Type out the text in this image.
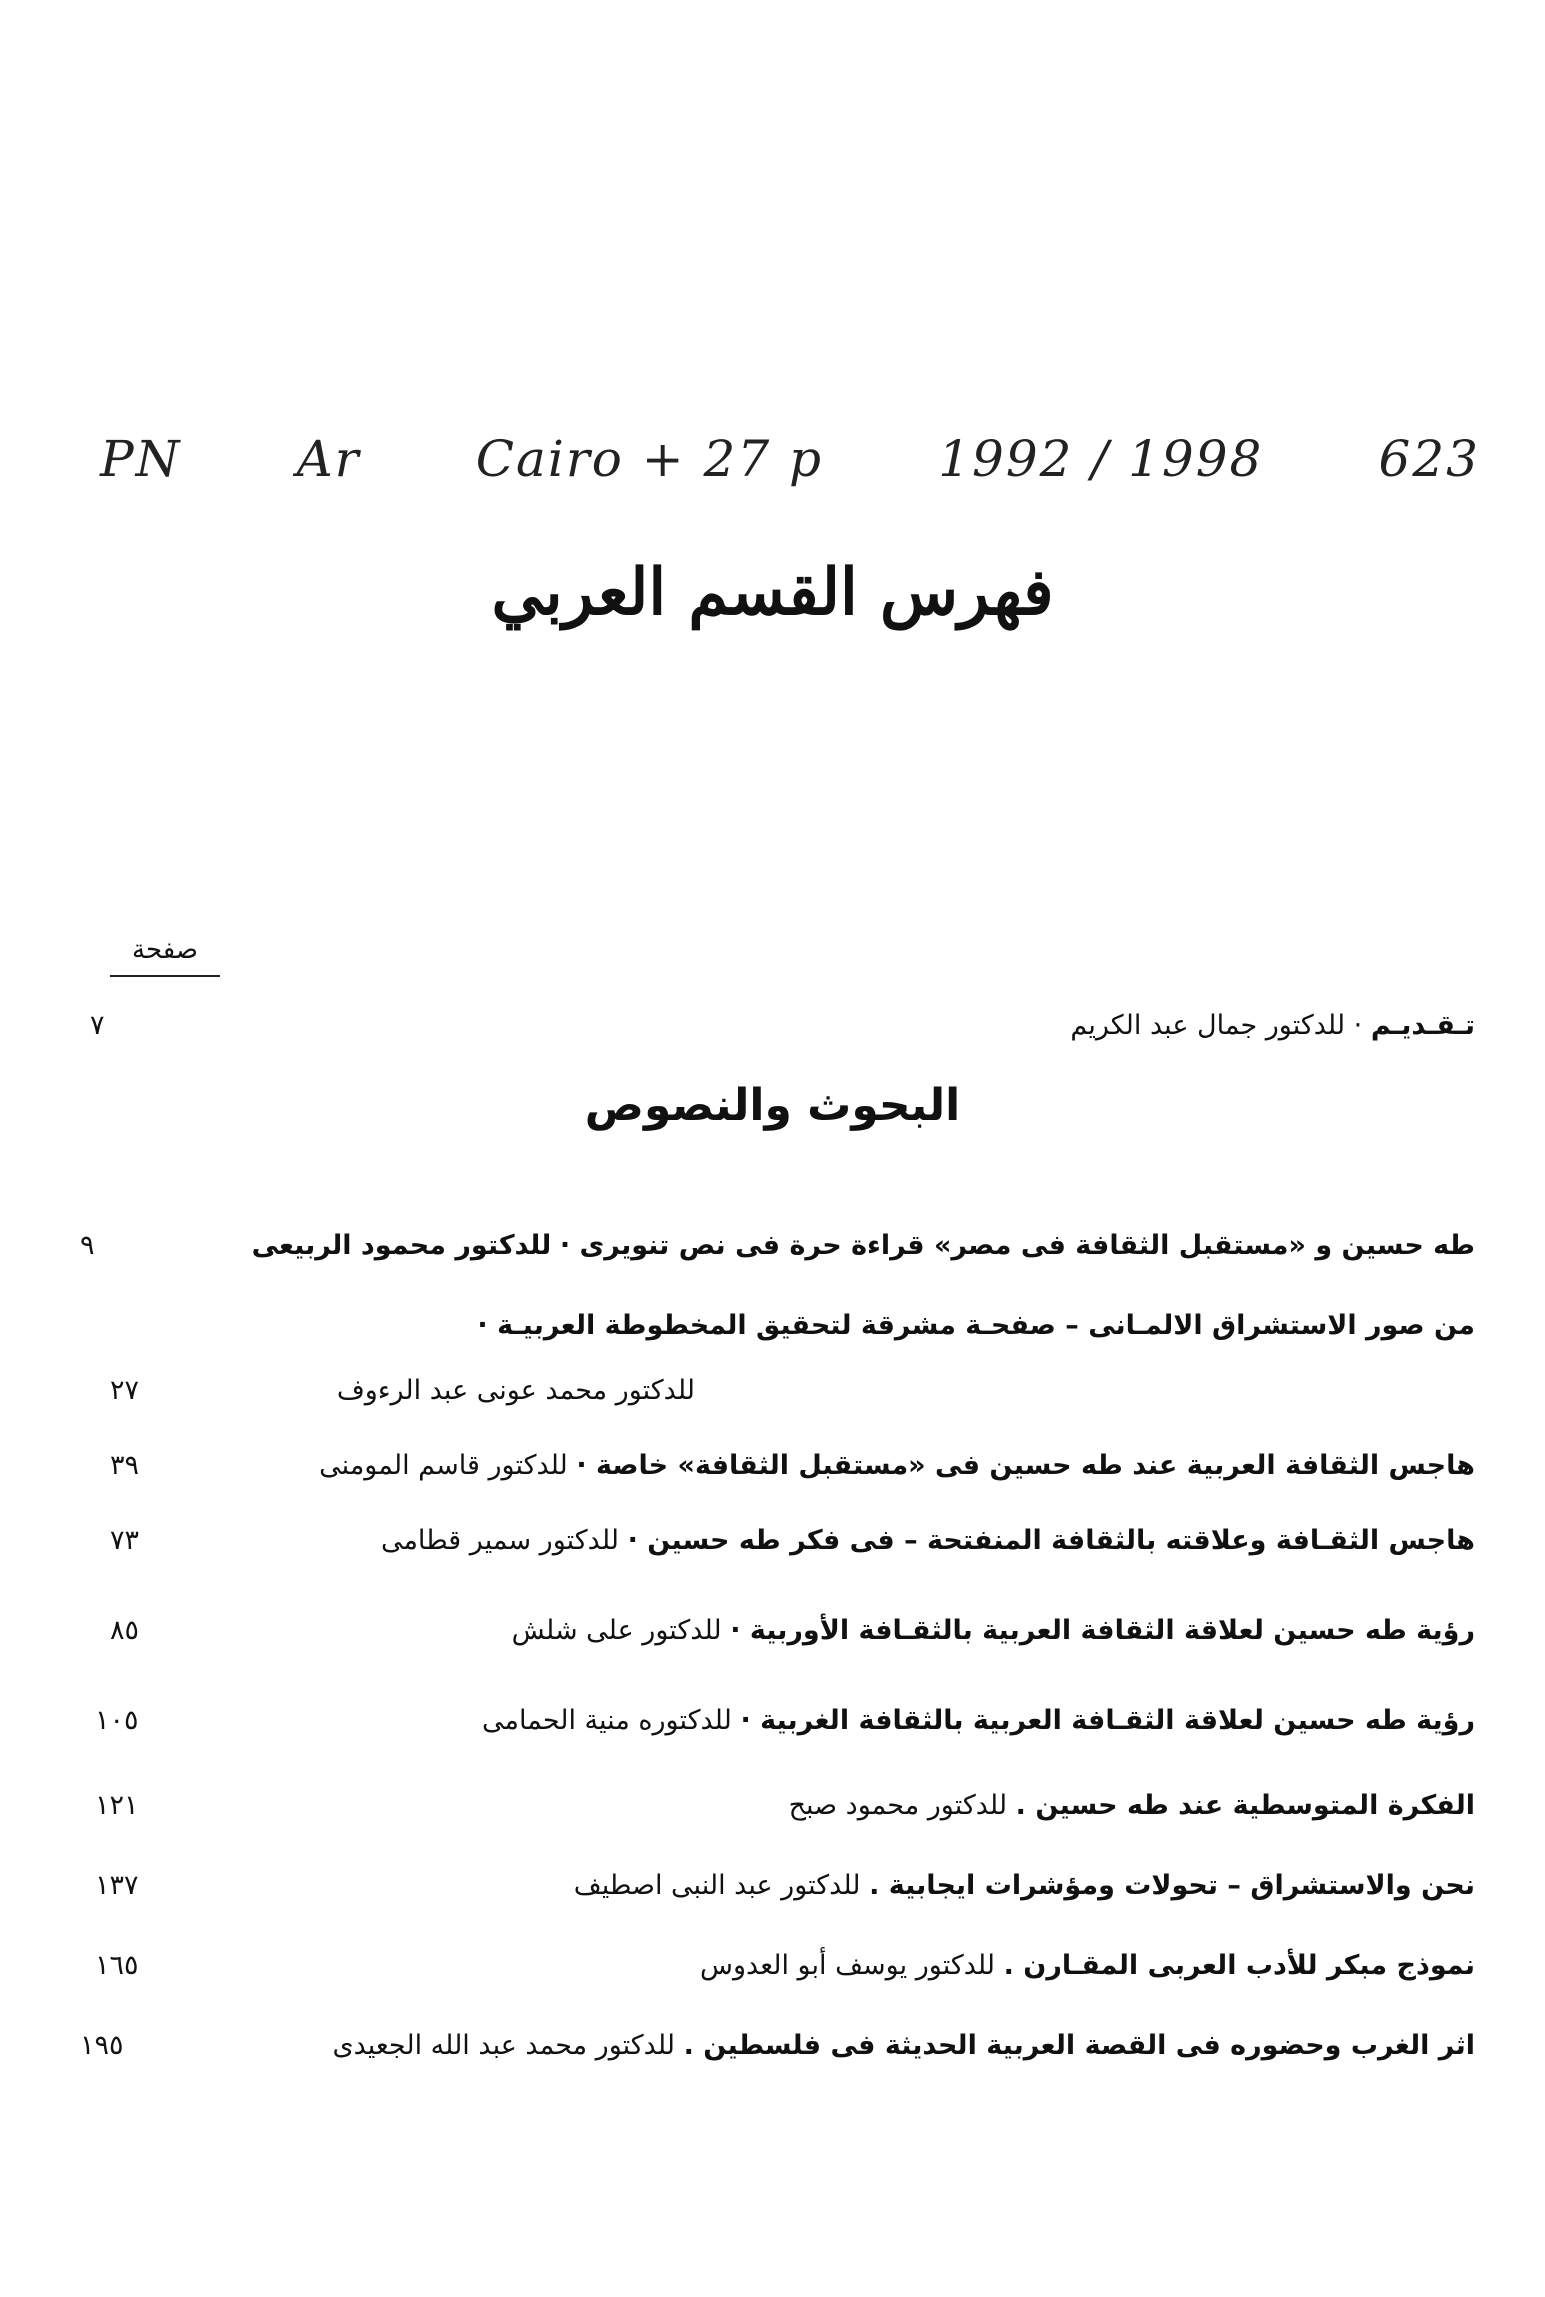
PN Ar Cairo + 27 p 1992 / 1998 623
فهرس القسم العربي
صفحة
تـقـديـم · للدكتور جمال عبد الكريم
٧
البحوث والنصوص
طه حسين و «مستقبل الثقافة فى مصر» قراءة حرة فى نص تنويرى · للدكتور محمود الربيعى
٩
من صور الاستشراق الالمـانى – صفحـة مشرقة لتحقيق المخطوطة العربيـة ·
للدكتور محمد عونى عبد الرءوف
٢٧
هاجس الثقافة العربية عند طه حسين فى «مستقبل الثقافة» خاصة · للدكتور قاسم المومنى
٣٩
هاجس الثقـافة وعلاقته بالثقافة المنفتحة – فى فكر طه حسين · للدكتور سمير قطامى
٧٣
رؤية طه حسين لعلاقة الثقافة العربية بالثقـافة الأوربية · للدكتور على شلش
٨٥
رؤية طه حسين لعلاقة الثقـافة العربية بالثقافة الغربية · للدكتوره منية الحمامى
١٠٥
الفكرة المتوسطية عند طه حسين . للدكتور محمود صبح
١٢١
نحن والاستشراق – تحولات ومؤشرات ايجابية . للدكتور عبد النبى اصطيف
١٣٧
نموذج مبكر للأدب العربى المقـارن . للدكتور يوسف أبو العدوس
١٦٥
اثر الغرب وحضوره فى القصة العربية الحديثة فى فلسطين . للدكتور محمد عبد الله الجعيدى
١٩٥
